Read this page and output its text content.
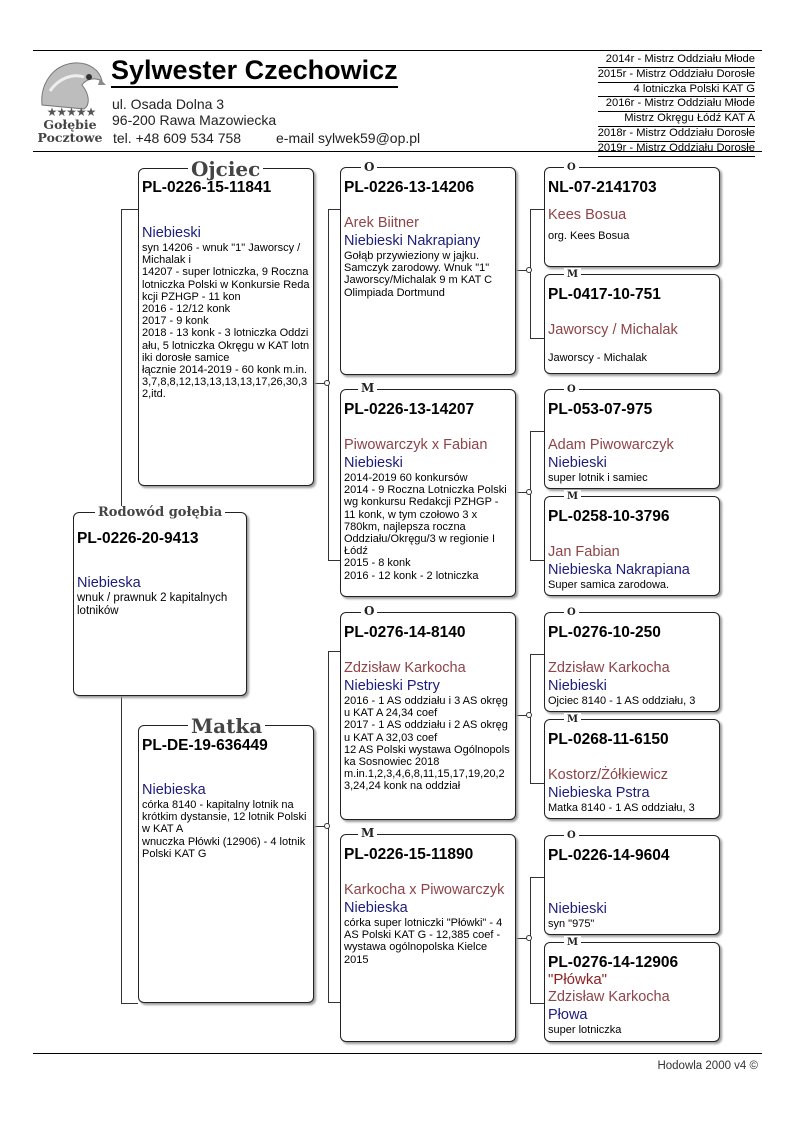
★★★★★
Gołębie
Pocztowe
Sylwester Czechowicz
ul. Osada Dolna 3
96-200 Rawa Mazowiecka
tel. +48 609 534 758 e-mail sylwek59@op.pl
2014r - Mistrz Oddziału Młode
2015r - Mistrz Oddziału Dorosłe
4 lotniczka Polski KAT G
2016r - Mistrz Oddziału Młode
Mistrz Okręgu Łódź KAT A
2018r - Mistrz Oddziału Dorosłe
2019r - Mistrz Oddziału Dorosłe
Rodowód gołębia
Ojciec
Matka
O
M
O
M
O
M
O
M
O
M
O
M
PL-0226-20-9413
Niebieska
wnuk / prawnuk 2 kapitalnych lotników
PL-0226-15-11841
Niebieski
syn 14206 - wnuk "1" Jaworscy / Michalak i
14207 - super lotniczka, 9 Roczna lotniczka Polski w Konkursie Redakcji PZHGP - 11 kon
2016 - 12/12 konk
2017 - 9 konk
2018 - 13 konk - 3 lotniczka Oddziału, 5 lotniczka Okręgu w KAT lotniki dorosłe samice
łącznie 2014-2019 - 60 konk m.in. 3,7,8,8,12,13,13,13,13,17,26,30,32,itd.
PL-DE-19-636449
Niebieska
córka 8140 - kapitalny lotnik na krótkim dystansie, 12 lotnik Polski w KAT A
wnuczka Płówki (12906) - 4 lotnik Polski KAT G
PL-0226-13-14206
Arek Biitner
Niebieski Nakrapiany
Gołąb przywieziony w jajku. Samczyk zarodowy. Wnuk "1" Jaworscy/Michalak 9 m KAT C Olimpiada Dortmund
PL-0226-13-14207
Piwowarczyk x Fabian
Niebieski
2014-2019 60 konkursów
2014 - 9 Roczna Lotniczka Polski wg konkursu Redakcji PZHGP - 11 konk, w tym czołowo 3 x 780km, najlepsza roczna Oddziału/Okręgu/3 w regionie I Łódź
2015 - 8 konk
2016 - 12 konk - 2 lotniczka
PL-0276-14-8140
Zdzisław Karkocha
Niebieski Pstry
2016 - 1 AS oddziału i 3 AS okręgu KAT A 24,34 coef
2017 - 1 AS oddziału i 2 AS okręgu KAT A 32,03 coef
12 AS Polski wystawa Ogólnopolska Sosnowiec 2018
m.in.1,2,3,4,6,8,11,15,17,19,20,23,24,24 konk na oddział
PL-0226-15-11890
Karkocha x Piwowarczyk
Niebieska
córka super lotniczki "Płówki" - 4 AS Polski KAT G - 12,385 coef - wystawa ogólnopolska Kielce 2015
NL-07-2141703
Kees Bosua
org. Kees Bosua
PL-0417-10-751
Jaworscy / Michalak
Jaworscy - Michalak
PL-053-07-975
Adam Piwowarczyk
Niebieski
super lotnik i samiec
PL-0258-10-3796
Jan Fabian
Niebieska Nakrapiana
Super samica zarodowa.
PL-0276-10-250
Zdzisław Karkocha
Niebieski
Ojciec 8140 - 1 AS oddziału, 3
PL-0268-11-6150
Kostorz/Żółkiewicz
Niebieska Pstra
Matka 8140 - 1 AS oddziału, 3
PL-0226-14-9604
Niebieski
syn "975"
PL-0276-14-12906
"Płówka"
Zdzisław Karkocha
Płowa
super lotniczka
Hodowla 2000 v4 ©
